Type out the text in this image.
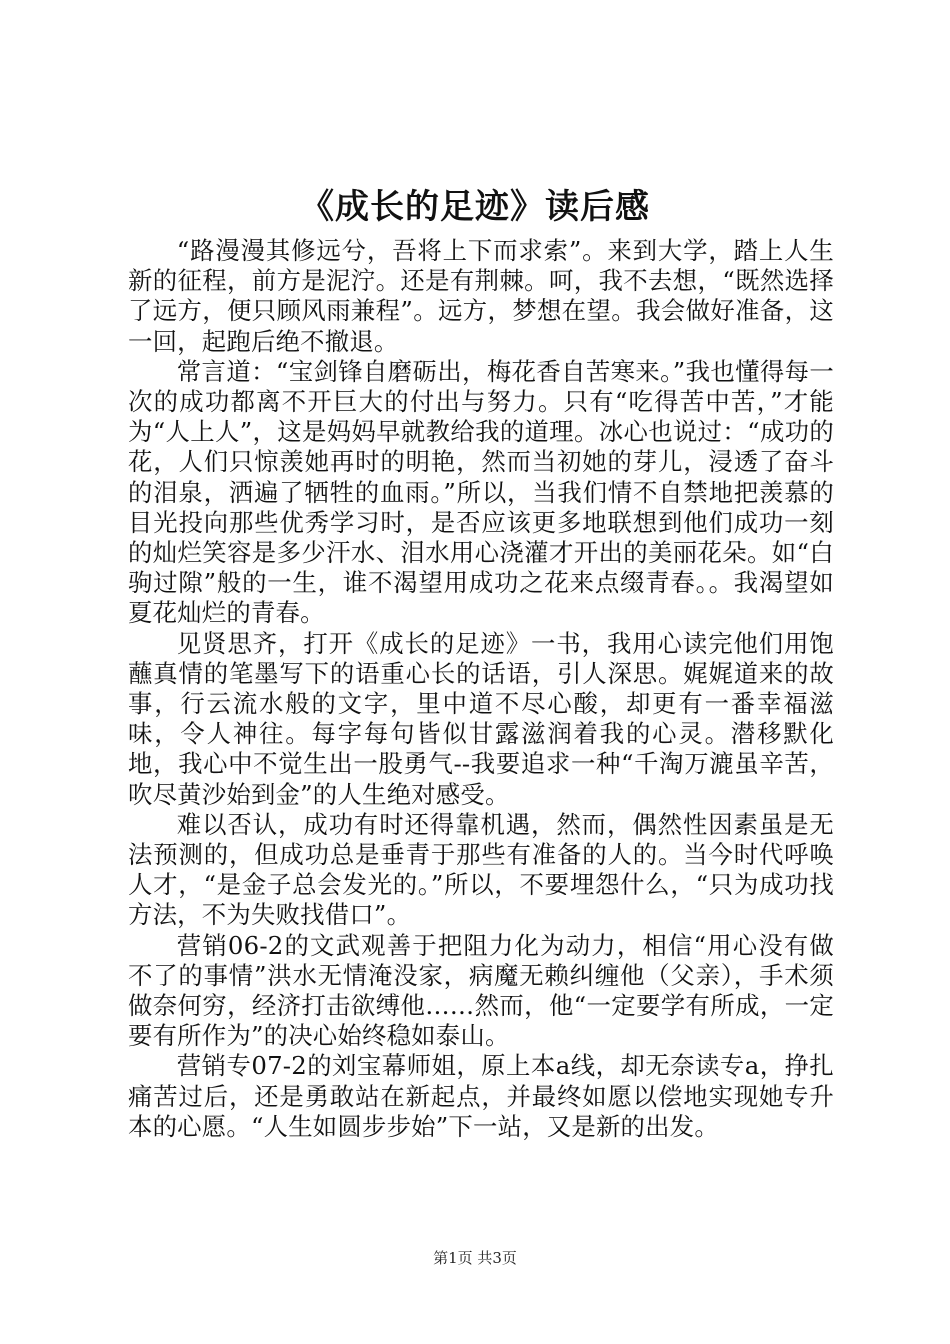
《成长的足迹》读后感

“路漫漫其修远兮，吾将上下而求索”。来到大学，踏上人生新的征程，前方是泥泞。还是有荆棘。呵，我不去想，“既然选择了远方，便只顾风雨兼程”。远方，梦想在望。我会做好准备，这一回，起跑后绝不撤退。

常言道：“宝剑锋自磨砺出，梅花香自苦寒来。”我也懂得每一次的成功都离不开巨大的付出与努力。只有“吃得苦中苦，”才能为“人上人”，这是妈妈早就教给我的道理。冰心也说过：“成功的花，人们只惊羡她再时的明艳，然而当初她的芽儿，浸透了奋斗的泪泉，洒遍了牺牲的血雨。”所以，当我们情不自禁地把羡慕的目光投向那些优秀学习时，是否应该更多地联想到他们成功一刻的灿烂笑容是多少汗水、泪水用心浇灌才开出的美丽花朵。如“白驹过隙”般的一生，谁不渴望用成功之花来点缀青春。。我渴望如夏花灿烂的青春。

见贤思齐，打开《成长的足迹》一书，我用心读完他们用饱蘸真情的笔墨写下的语重心长的话语，引人深思。娓娓道来的故事，行云流水般的文字，里中道不尽心酸，却更有一番幸福滋味，令人神往。每字每句皆似甘露滋润着我的心灵。潜移默化地，我心中不觉生出一股勇气--我要追求一种“千淘万漉虽辛苦，吹尽黄沙始到金”的人生绝对感受。

难以否认，成功有时还得靠机遇，然而，偶然性因素虽是无法预测的，但成功总是垂青于那些有准备的人的。当今时代呼唤人才，“是金子总会发光的。”所以，不要埋怨什么，“只为成功找方法，不为失败找借口”。

营销06-2的文武观善于把阻力化为动力，相信“用心没有做不了的事情”洪水无情淹没家，病魔无赖纠缠他（父亲），手术须做奈何穷，经济打击欲缚他……然而，他“一定要学有所成，一定要有所作为”的决心始终稳如泰山。

营销专07-2的刘宝幕师姐，原上本a线，却无奈读专a，挣扎痛苦过后，还是勇敢站在新起点，并最终如愿以偿地实现她专升本的心愿。“人生如圆步步始”下一站，又是新的出发。

第1页 共3页
